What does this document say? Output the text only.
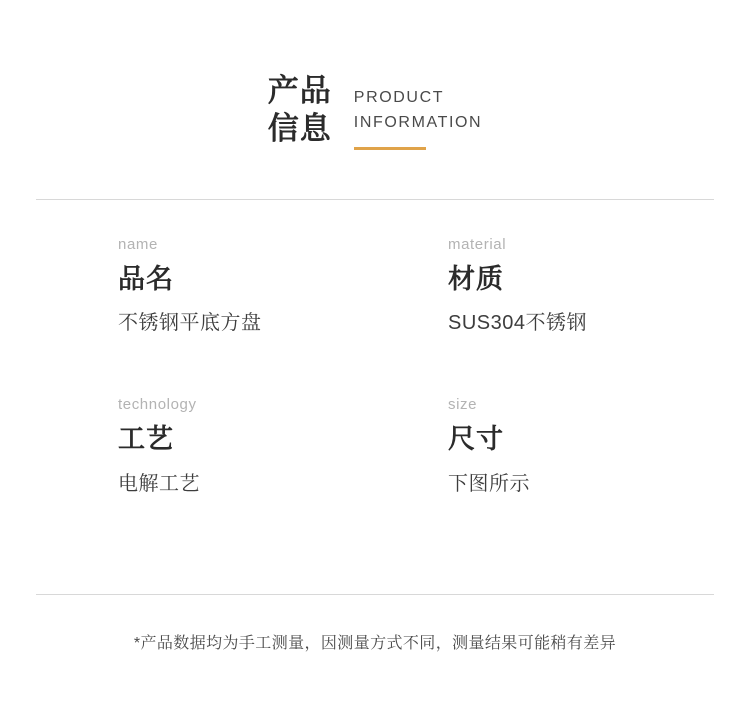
产品
信息
PRODUCT
INFORMATION
name
品名
不锈钢平底方盘
material
材质
SUS304不锈钢
technology
工艺
电解工艺
size
尺寸
下图所示
*产品数据均为手工测量，因测量方式不同，测量结果可能稍有差异
